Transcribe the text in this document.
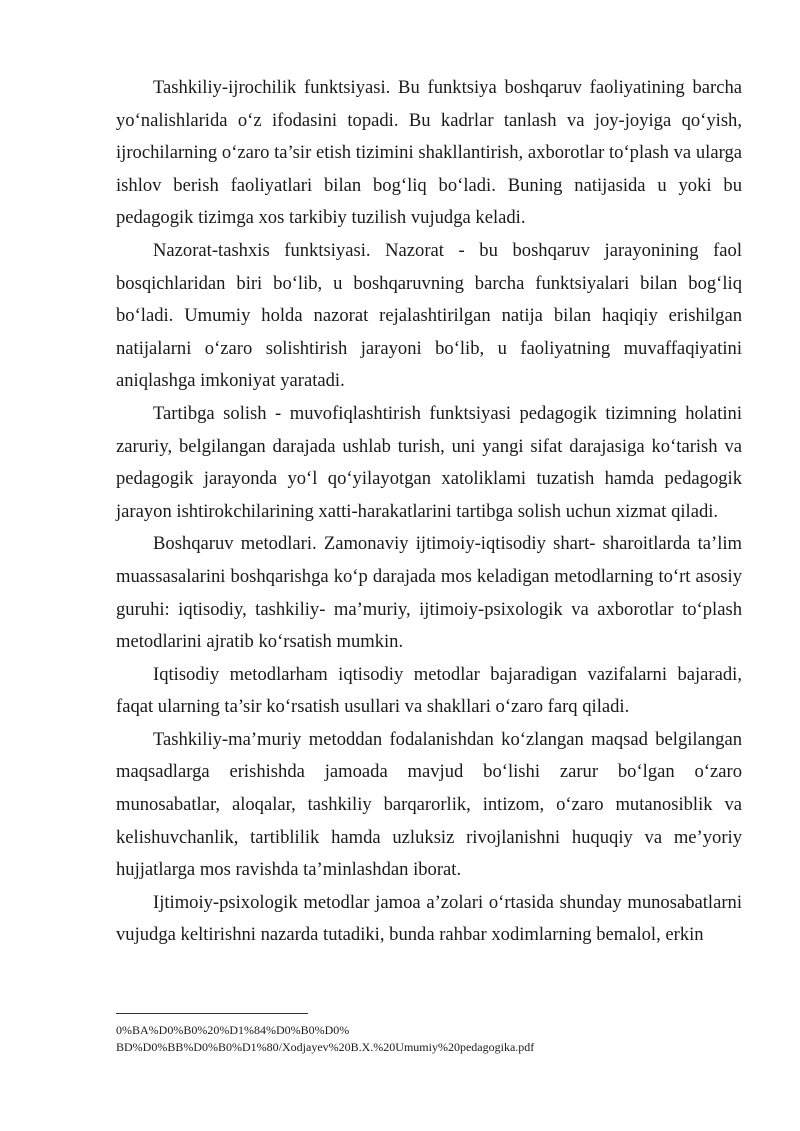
Tashkiliy-ijrochilik funktsiyasi. Bu funktsiya boshqaruv faoliyatining barcha yo‘nalishlarida o‘z ifodasini topadi. Bu kadrlar tanlash va joy-joyiga qo‘yish, ijrochilarning o‘zaro ta’sir etish tizimini shakllantirish, axborotlar to‘plash va ularga ishlov berish faoliyatlari bilan bog‘liq bo‘ladi. Buning natijasida u yoki bu pedagogik tizimga xos tarkibiy tuzilish vujudga keladi.

Nazorat-tashxis funktsiyasi. Nazorat - bu boshqaruv jarayonining faol bosqichlaridan biri bo‘lib, u boshqaruvning barcha funktsiyalari bilan bog‘liq bo‘ladi. Umumiy holda nazorat rejalashtirilgan natija bilan haqiqiy erishilgan natijalarni o‘zaro solishtirish jarayoni bo‘lib, u faoliyatning muvaffaqiyatini aniqlashga imkoniyat yaratadi.

Tartibga solish - muvofiqlashtirish funktsiyasi pedagogik tizimning holatini zaruriy, belgilangan darajada ushlab turish, uni yangi sifat darajasiga ko‘tarish va pedagogik jarayonda yo‘l qo‘yilayotgan xatoliklami tuzatish hamda pedagogik jarayon ishtirokchilarining xatti-harakatlarini tartibga solish uchun xizmat qiladi.

Boshqaruv metodlari. Zamonaviy ijtimoiy-iqtisodiy shart- sharoitlarda ta’lim muassasalarini boshqarishga ko‘p darajada mos keladigan metodlarning to‘rt asosiy guruhi: iqtisodiy, tashkiliy- ma’muriy, ijtimoiy-psixologik va axborotlar to‘plash metodlarini ajratib ko‘rsatish mumkin.

Iqtisodiy metodlarham iqtisodiy metodlar bajaradigan vazifalarni bajaradi, faqat ularning ta’sir ko‘rsatish usullari va shakllari o‘zaro farq qiladi.

Tashkiliy-ma’muriy metoddan fodalanishdan ko‘zlangan maqsad belgilangan maqsadlarga erishishda jamoada mavjud bo‘lishi zarur bo‘lgan o‘zaro munosabatlar, aloqalar, tashkiliy barqarorlik, intizom, o‘zaro mutanosiblik va kelishuvchanlik, tartiblilik hamda uzluksiz rivojlanishni huquqiy va me’yoriy hujjatlarga mos ravishda ta’minlashdan iborat.

Ijtimoiy-psixologik metodlar jamoa a’zolari o‘rtasida shunday munosabatlarni vujudga keltirishni nazarda tutadiki, bunda rahbar xodimlarning bemalol, erkin

0%BA%D0%B0%20%D1%84%D0%B0%D0%
BD%D0%BB%D0%B0%D1%80/Xodjayev%20B.X.%20Umumiy%20pedagogika.pdf
